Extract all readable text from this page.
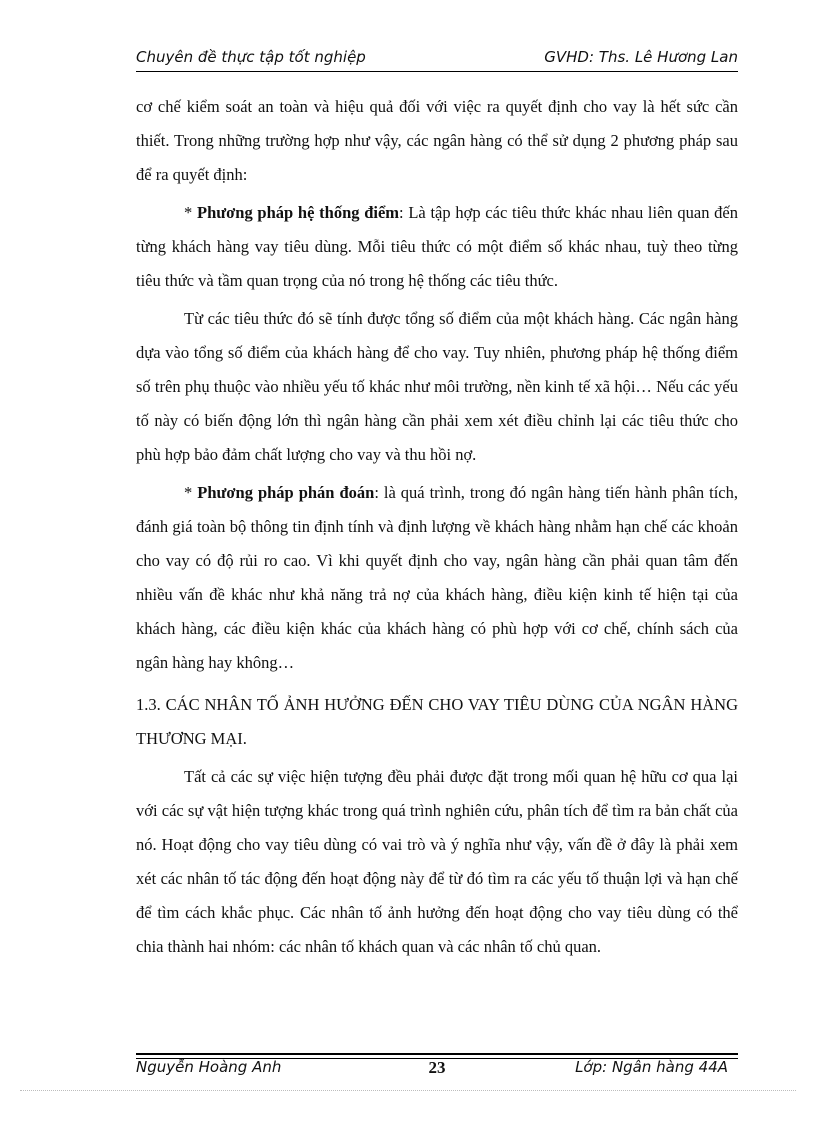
Chuyên đề thực tập tốt nghiệp	GVHD: Ths. Lê Hương Lan

cơ chế kiểm soát an toàn và hiệu quả đối với việc ra quyết định cho vay là hết sức cần thiết. Trong những trường hợp như vậy, các ngân hàng có thể sử dụng 2 phương pháp sau để ra quyết định:

* Phương pháp hệ thống điểm: Là tập hợp các tiêu thức khác nhau liên quan đến từng khách hàng vay tiêu dùng. Mỗi tiêu thức có một điểm số khác nhau, tuỳ theo từng tiêu thức và tầm quan trọng của nó trong hệ thống các tiêu thức.

Từ các tiêu thức đó sẽ tính được tổng số điểm của một khách hàng. Các ngân hàng dựa vào tổng số điểm của khách hàng để cho vay. Tuy nhiên, phương pháp hệ thống điểm số trên phụ thuộc vào nhiều yếu tố khác như môi trường, nền kinh tế xã hội… Nếu các yếu tố này có biến động lớn thì ngân hàng cần phải xem xét điều chỉnh lại các tiêu thức cho phù hợp bảo đảm chất lượng cho vay và thu hồi nợ.

* Phương pháp phán đoán: là quá trình, trong đó ngân hàng tiến hành phân tích, đánh giá toàn bộ thông tin định tính và định lượng về khách hàng nhằm hạn chế các khoản cho vay có độ rủi ro cao. Vì khi quyết định cho vay, ngân hàng cần phải quan tâm đến nhiều vấn đề khác như khả năng trả nợ của khách hàng, điều kiện kinh tế hiện tại của khách hàng, các điều kiện khác của khách hàng có phù hợp với cơ chế, chính sách của ngân hàng hay không…

1.3. CÁC NHÂN TỐ ẢNH HƯỞNG ĐẾN CHO VAY TIÊU DÙNG CỦA NGÂN HÀNG THƯƠNG MẠI.

Tất cả các sự việc hiện tượng đều phải được đặt trong mối quan hệ hữu cơ qua lại với các sự vật hiện tượng khác trong quá trình nghiên cứu, phân tích để tìm ra bản chất của nó. Hoạt động cho vay tiêu dùng có vai trò và ý nghĩa như vậy, vấn đề ở đây là phải xem xét các nhân tố tác động đến hoạt động này để từ đó tìm ra các yếu tố thuận lợi và hạn chế để tìm cách khắc phục. Các nhân tố ảnh hưởng đến hoạt động cho vay tiêu dùng có thể chia thành hai nhóm: các nhân tố khách quan và các nhân tố chủ quan.

Nguyễn Hoàng Anh	23	Lớp: Ngân hàng 44A
